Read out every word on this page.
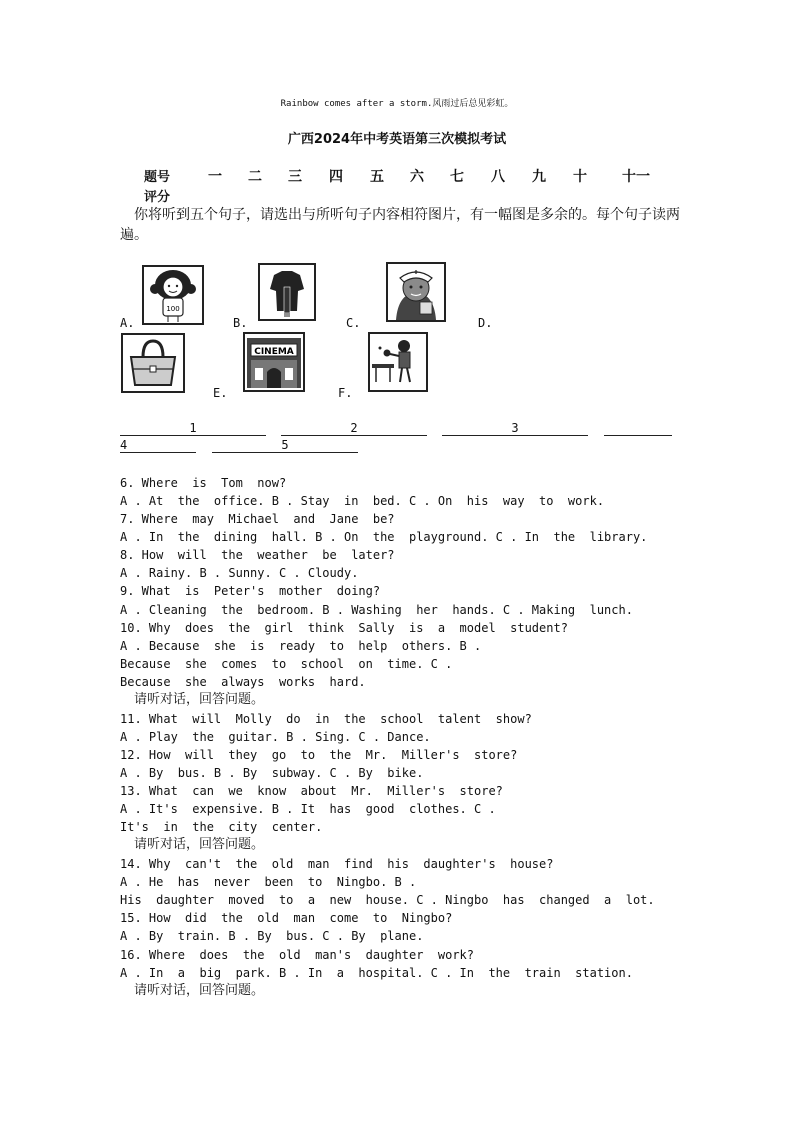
Rainbow comes after a storm.风雨过后总见彩虹。
广西2024年中考英语第三次模拟考试
题号
评分
一 二 三 四 五 六 七 八 九 十	十一
你将听到五个句子，请选出与所听句子内容相符图片，有一幅图是多余的。每个句子读两遍。
100
A.	B.	C.	D.
CINEMA
E.	F.
1	2	3
4	5
6. Where  is  Tom  now?
A . At  the  office. B . Stay  in  bed. C . On  his  way  to  work.
7. Where  may  Michael  and  Jane  be?
A . In  the  dining  hall. B . On  the  playground. C . In  the  library.
8. How  will  the  weather  be  later?
A . Rainy. B . Sunny. C . Cloudy.
9. What  is  Peter's  mother  doing?
A . Cleaning  the  bedroom. B . Washing  her  hands. C . Making  lunch.
10. Why  does  the  girl  think  Sally  is  a  model  student?
A . Because  she  is  ready  to  help  others. B .
Because  she  comes  to  school  on  time. C .
Because  she  always  works  hard.
请听对话，回答问题。
11. What  will  Molly  do  in  the  school  talent  show?
A . Play  the  guitar. B . Sing. C . Dance.
12. How  will  they  go  to  the  Mr.  Miller's  store?
A . By  bus. B . By  subway. C . By  bike.
13. What  can  we  know  about  Mr.  Miller's  store?
A . It's  expensive. B . It  has  good  clothes. C .
It's  in  the  city  center.
请听对话，回答问题。
14. Why  can't  the  old  man  find  his  daughter's  house?
A . He  has  never  been  to  Ningbo. B .
His  daughter  moved  to  a  new  house. C . Ningbo  has  changed  a  lot.
15. How  did  the  old  man  come  to  Ningbo?
A . By  train. B . By  bus. C . By  plane.
16. Where  does  the  old  man's  daughter  work?
A . In  a  big  park. B . In  a  hospital. C . In  the  train  station.
请听对话，回答问题。
